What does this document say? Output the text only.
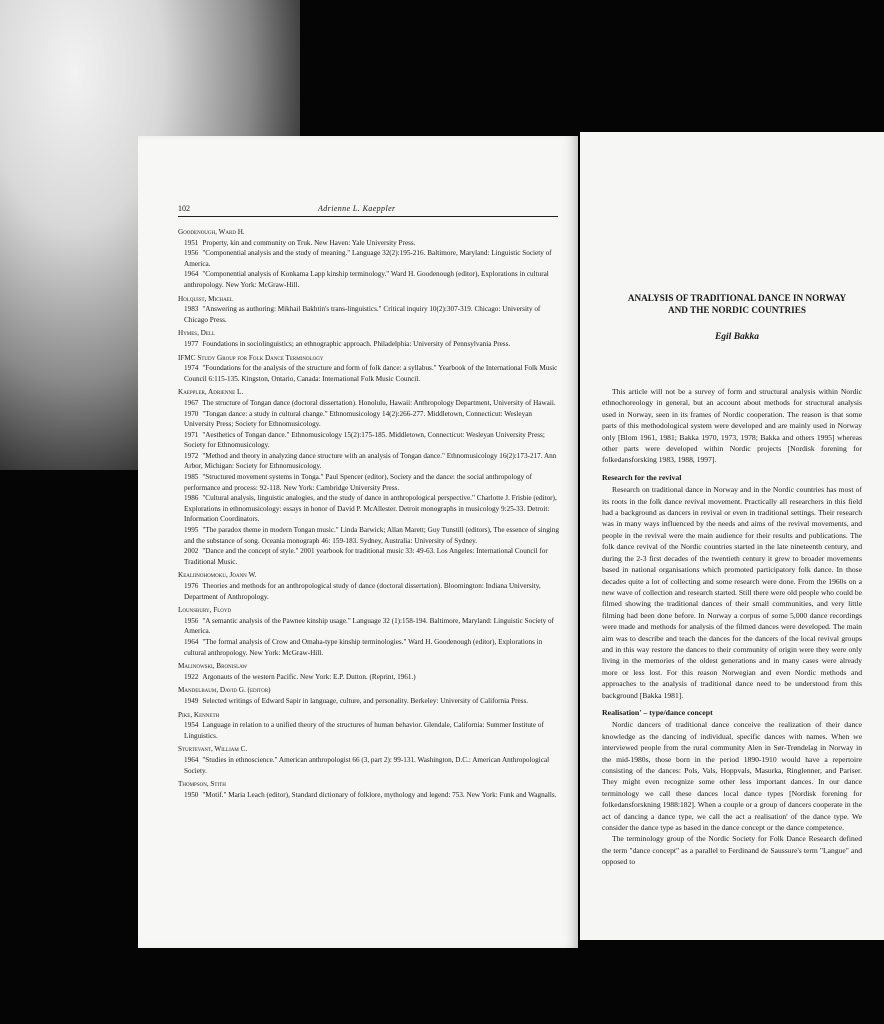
102	Adrienne L. Kaeppler
Goodenough, Ward H.
1951 Property, kin and community on Truk. New Haven: Yale University Press.
1956 "Componential analysis and the study of meaning." Language 32(2):195-216. Baltimore, Maryland: Linguistic Society of America.
1964 "Componential analysis of Konkama Lapp kinship terminology." Ward H. Goodenough (editor), Explorations in cultural anthropology. New York: McGraw-Hill.
Holquist, Michael
1983 "Answering as authoring: Mikhail Bakhtin's trans-linguistics." Critical inquiry 10(2):307-319. Chicago: University of Chicago Press.
Hymes, Dell
1977 Foundations in sociolinguistics; an ethnographic approach. Philadelphia: University of Pennsylvania Press.
IFMC Study Group for Folk Dance Terminology
1974 "Foundations for the analysis of the structure and form of folk dance: a syllabus." Yearbook of the International Folk Music Council 6:115-135. Kingston, Ontario, Canada: International Folk Music Council.
Kaeppler, Adrienne L.
1967 The structure of Tongan dance (doctoral dissertation). Honolulu, Hawaii: Anthropology Department, University of Hawaii.
1970 "Tongan dance: a study in cultural change." Ethnomusicology 14(2):266-277. Middletown, Connecticut: Wesleyan University Press; Society for Ethnomusicology.
1971 "Aesthetics of Tongan dance." Ethnomusicology 15(2):175-185. Middletown, Connecticut: Wesleyan University Press; Society for Ethnomusicology.
1972 "Method and theory in analyzing dance structure with an analysis of Tongan dance." Ethnomusicology 16(2):173-217. Ann Arbor, Michigan: Society for Ethnomusicology.
1985 "Structured movement systems in Tonga." Paul Spencer (editor), Society and the dance: the social anthropology of performance and process: 92-118. New York: Cambridge University Press.
1986 "Cultural analysis, linguistic analogies, and the study of dance in anthropological perspective." Charlotte J. Frisbie (editor), Explorations in ethnomusicology: essays in honor of David P. McAllester. Detroit monographs in musicology 9:25-33. Detroit: Information Coordinators.
1995 "The paradox theme in modern Tongan music." Linda Barwick; Allan Marett; Guy Tunstill (editors), The essence of singing and the substance of song. Oceania monograph 46: 159-183. Sydney, Australia: University of Sydney.
2002 "Dance and the concept of style." 2001 yearbook for traditional music 33: 49-63. Los Angeles: International Council for Traditional Music.
Kealiinohomoku, Joann W.
1976 Theories and methods for an anthropological study of dance (doctoral dissertation). Bloomington: Indiana University, Department of Anthropology.
Lounsbury, Floyd
1956 "A semantic analysis of the Pawnee kinship usage." Language 32 (1):158-194. Baltimore, Maryland: Linguistic Society of America.
1964 "The formal analysis of Crow and Omaha-type kinship terminologies." Ward H. Goodenough (editor), Explorations in cultural anthropology. New York: McGraw-Hill.
Malinowski, Bronislaw
1922 Argonauts of the western Pacific. New York: E.P. Dutton. (Reprint, 1961.)
Mandelbaum, David G. (editor)
1949 Selected writings of Edward Sapir in language, culture, and personality. Berkeley: University of California Press.
Pike, Kenneth
1954 Language in relation to a unified theory of the structures of human behavior. Glendale, California: Summer Institute of Linguistics.
Sturtevant, William C.
1964 "Studies in ethnoscience." American anthropologist 66 (3, part 2): 99-131. Washington, D.C.: American Anthropological Society.
Thompson, Stith
1950 "Motif." Maria Leach (editor), Standard dictionary of folklore, mythology and legend: 753. New York: Funk and Wagnalls.
ANALYSIS OF TRADITIONAL DANCE IN NORWAY
AND THE NORDIC COUNTRIES
Egil Bakka

This article will not be a survey of form and structural analysis within Nordic ethnochoreology in general, but an account about methods for structural analysis used in Norway, seen in its frames of Nordic cooperation. The reason is that some parts of this methodological system were developed and are mainly used in Norway only [Blom 1961, 1981; Bakka 1970, 1973, 1978; Bakka and others 1995] whereas other parts were developed within Nordic projects [Nordisk forening for folkedansforsking 1983, 1988, 1997].

Research for the revival

Research on traditional dance in Norway and in the Nordic countries has most of its roots in the folk dance revival movement. Practically all researchers in this field had a background as dancers in revival or even in traditional settings. Their research was in many ways influenced by the needs and aims of the revival movements, and people in the revival were the main audience for their results and publications. The folk dance revival of the Nordic countries started in the late nineteenth century, and during the 2-3 first decades of the twentieth century it grew to broader movements based in national organisations which promoted participatory folk dance. In those decades quite a lot of collecting and some research were done. From the 1960s on a new wave of collection and research started. Still there were old people who could be filmed showing the traditional dances of their small communities, and very little filming had been done before. In Norway a corpus of some 5,000 dance recordings were made and methods for analysis of the filmed dances were developed. The main aim was to describe and teach the dances for the dancers of the local revival groups and in this way restore the dances to their community of origin were they were only living in the memories of the oldest generations and in many cases were already more or less lost. For this reason Norwegian and even Nordic methods and approaches to the analysis of traditional dance need to be understood from this background [Bakka 1981].

Realisation' – type/dance concept

Nordic dancers of traditional dance conceive the realization of their dance knowledge as the dancing of individual, specific dances with names. When we interviewed people from the rural community Alen in Sør-Trøndelag in Norway in the mid-1980s, those born in the period 1890-1910 would have a repertoire consisting of the dances: Pols, Vals, Hoppvals, Masurka, Ringlenner, and Pariser. They might even recognize some other less important dances. In our dance terminology we call these dances local dance types [Nordisk forening for folkedansforskning 1988:182]. When a couple or a group of dancers cooperate in the act of dancing a dance type, we call the act a realisation' of the dance type. We consider the dance type as based in the dance concept or the dance competence.

The terminology group of the Nordic Society for Folk Dance Research defined the term "dance concept" as a parallel to Ferdinand de Saussure's term "Langue" and opposed to
